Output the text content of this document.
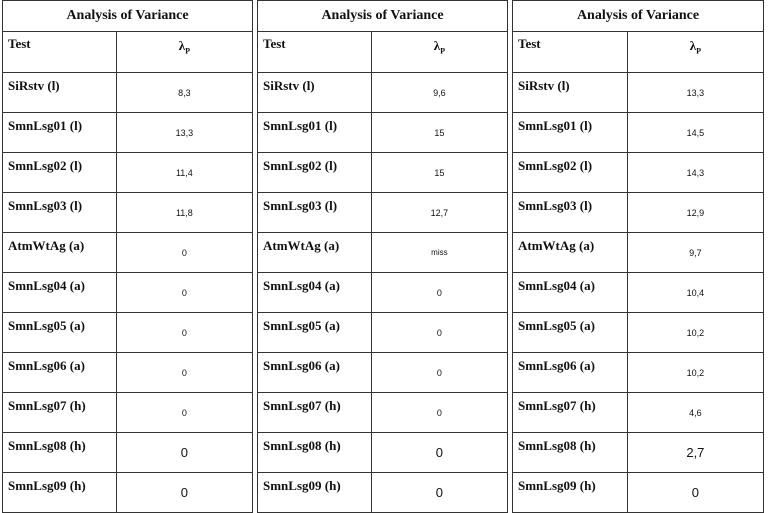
Analysis of Variance	
Test	$\lambda_P$
SiRstv (l)	8,3
SmnLsg01 (l)	13,3
SmnLsg02 (l)	11,4
SmnLsg03 (l)	11,8
AtmWtAg (a)	0
SmnLsg04 (a)	0
SmnLsg05 (a)	0
SmnLsg06 (a)	0
SmnLsg07 (h)	0
SmnLsg08 (h)	0
SmnLsg09 (h)	0
Analysis of Variance	
Test	$\lambda_P$
SiRstv (l)	9,6
SmnLsg01 (l)	15
SmnLsg02 (l)	15
SmnLsg03 (l)	12,7
AtmWtAg (a)	miss
SmnLsg04 (a)	0
SmnLsg05 (a)	0
SmnLsg06 (a)	0
SmnLsg07 (h)	0
SmnLsg08 (h)	0
SmnLsg09 (h)	0
Analysis of Variance	
Test	$\lambda_P$
SiRstv (l)	13,3
SmnLsg01 (l)	14,5
SmnLsg02 (l)	14,3
SmnLsg03 (l)	12,9
AtmWtAg (a)	9,7
SmnLsg04 (a)	10,4
SmnLsg05 (a)	10,2
SmnLsg06 (a)	10,2
SmnLsg07 (h)	4,6
SmnLsg08 (h)	2,7
SmnLsg09 (h)	0
